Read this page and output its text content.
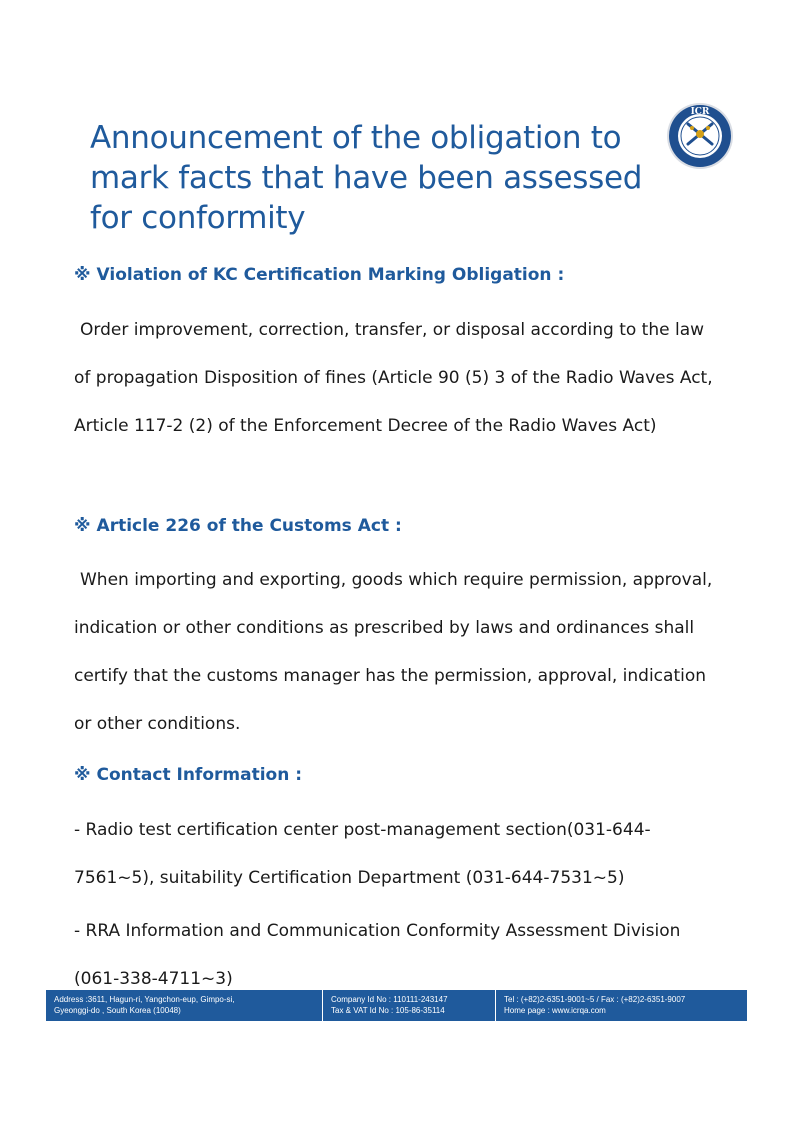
Announcement of the obligation to mark facts that have been assessed for conformity
ICR
※ Violation of KC Certification Marking Obligation :

Order improvement, correction, transfer, or disposal according to the law of propagation Disposition of fines (Article 90 (5) 3 of the Radio Waves Act, Article 117-2 (2) of the Enforcement Decree of the Radio Waves Act)

※ Article 226 of the Customs Act :

When importing and exporting, goods which require permission, approval, indication or other conditions as prescribed by laws and ordinances shall certify that the customs manager has the permission, approval, indication or other conditions.

※ Contact Information :

- Radio test certification center post-management section(031-644-7561~5), suitability Certification Department (031-644-7531~5)

- RRA Information and Communication Conformity Assessment Division (061-338-4711~3)

Address :3611, Hagun-ri, Yangchon-eup, Gimpo-si,
Gyeonggi-do , South Korea (10048)
Company Id No : 110111-243147
Tax & VAT Id No : 105-86-35114
Tel : (+82)2-6351-9001~5 / Fax : (+82)2-6351-9007
Home page : www.icrqa.com
